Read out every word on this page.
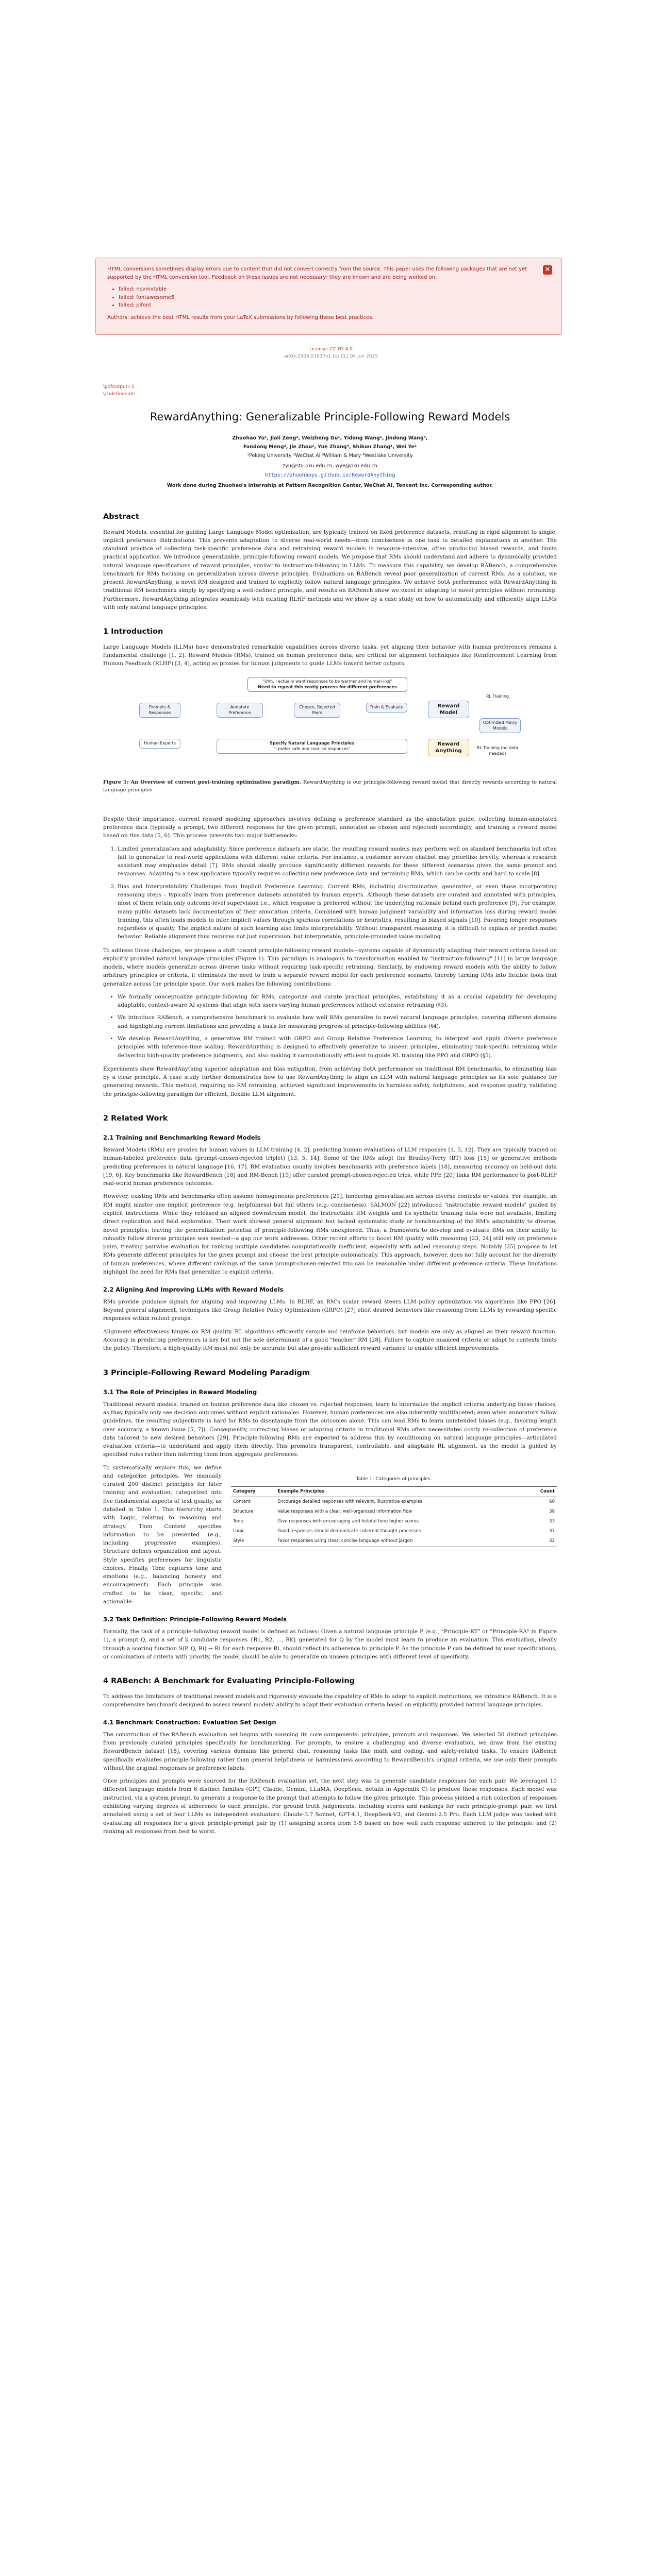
✕

HTML conversions sometimes display errors due to content that did not convert correctly from the source. This paper uses the following packages that are not yet supported by the HTML conversion tool. Feedback on these issues are not necessary; they are known and are being worked on.

• failed: ncvmxtable
• failed: fontawesome5
• failed: pifont

Authors: achieve the best HTML results from your LaTeX submissions by following these best practices.

License: CC BY 4.0
arXiv:2506.03637v1 [cs.CL] 04 Jun 2025
\pdfoutput=1
\cbdefineeabl
RewardAnything: Generalizable Principle-Following Reward Models
Zhuohao Yu¹, Jiali Zeng², Weizheng Gu¹, Yidong Wang¹, Jindong Wang³,
Fandong Meng², Jie Zhou², Yue Zhang⁴, Shikun Zhang¹, Wei Ye¹
¹Peking University ²WeChat AI ³William & Mary ⁴Westlake University
zyu@stu.pku.edu.cn, wye@pku.edu.cn
https://zhuohaoyu.github.io/RewardAnything
Work done during Zhuohao's internship at Pattern Recognition Center, WeChat AI, Tencent Inc. Corresponding author.
Abstract

Reward Models, essential for guiding Large Language Model optimization, are typically trained on fixed preference datasets, resulting in rigid alignment to single, implicit preference distributions. This prevents adaptation to diverse real-world needs—from conciseness in one task to detailed explanations in another. The standard practice of collecting task-specific preference data and retraining reward models is resource-intensive, often producing biased rewards, and limits practical application. We introduce generalizable, principle-following reward models. We propose that RMs should understand and adhere to dynamically provided natural language specifications of reward principles, similar to instruction-following in LLMs. To measure this capability, we develop RABench, a comprehensive benchmark for RMs focusing on generalization across diverse principles. Evaluations on RABench reveal poor generalization of current RMs. As a solution, we present RewardAnything, a novel RM designed and trained to explicitly follow natural language principles. We achieve SotA performance with RewardAnything in traditional RM benchmark simply by specifying a well-defined principle, and results on RABench show we excel in adapting to novel principles without retraining. Furthermore, RewardAnything integrates seamlessly with existing RLHF methods and we show by a case study on how to automatically and efficiently align LLMs with only natural language principles.

1 Introduction

Large Language Models (LLMs) have demonstrated remarkable capabilities across diverse tasks, yet aligning their behavior with human preferences remains a fundamental challenge [1, 2]. Reward Models (RMs), trained on human preference data, are critical for alignment techniques like Reinforcement Learning from Human Feedback (RLHF) [3, 4], acting as proxies for human judgments to guide LLMs toward better outputs.

"Uhh, I actually want responses to be warmer and human-like"
Need to repeat this costly process for different preferences
Prompts & Responses
Annotate Preference
Chosen, Rejected Pairs
Train & Evaluate	Reward Model
RL Training
Optimized Policy Models
Human Experts	Specify Natural Language Principles
"I prefer safe and concise responses"
Reward Anything
RL Training (no data needed)

Figure 1: An Overview of current post-training optimization paradigm. RewardAnything is our principle-following reward model that directly rewards according to natural language principles.

Despite their importance, current reward modeling approaches involves defining a preference standard as the annotation guide, collecting human-annotated preference data (typically a prompt, two different responses for the given prompt, annotated as chosen and rejected) accordingly, and training a reward model based on this data [5, 6]. This process presents two major bottlenecks:

1. Limited generalization and adaptability. Since preference datasets are static, the resulting reward models may perform well on standard benchmarks but often fail to generalize to real-world applications with different value criteria. For instance, a customer service chatbot may prioritize brevity, whereas a research assistant may emphasize detail [7]. RMs should ideally produce significantly different rewards for these different scenarios given the same prompt and responses. Adapting to a new application typically requires collecting new preference data and retraining RMs, which can be costly and hard to scale [8].
2. Bias and Interpretability Challenges from Implicit Preference Learning. Current RMs, including discriminative, generative, or even those incorporating reasoning steps – typically learn from preference datasets annotated by human experts. Although these datasets are curated and annotated with principles, most of them retain only outcome-level supervision i.e., which response is preferred without the underlying rationale behind each preference [9]. For example, many public datasets lack documentation of their annotation criteria. Combined with human judgment variability and information loss during reward model training, this often leads models to infer implicit values through spurious correlations or heuristics, resulting in biased signals [10]. Favoring longer responses regardless of quality. The implicit nature of such learning also limits interpretability. Without transparent reasoning, it is difficult to explain or predict model behavior. Reliable alignment thus requires not just supervision, but interpretable, principle-grounded value modeling.

To address these challenges, we propose a shift toward principle-following reward models—systems capable of dynamically adapting their reward criteria based on explicitly provided natural language principles (Figure 1). This paradigm is analogous to transformation enabled by "instruction-following" [11] in large language models, where models generalize across diverse tasks without requiring task-specific retraining. Similarly, by endowing reward models with the ability to follow arbitrary principles or criteria, it eliminates the need to train a separate reward model for each preference scenario, thereby turning RMs into flexible tools that generalize across the principle space. Our work makes the following contributions:

• We formally conceptualize principle-following for RMs, categorize and curate practical principles, establishing it as a crucial capability for developing adaptable, context-aware AI systems that align with users varying human preferences without extensive retraining (§3).
• We introduce RABench, a comprehensive benchmark to evaluate how well RMs generalize to novel natural language principles, covering different domains and highlighting current limitations and providing a basis for measuring progress of principle-following abilities (§4).
• We develop RewardAnything, a generative RM trained with GRPO and Group Relative Preference Learning, to interpret and apply diverse preference principles with inference-time scaling. RewardAnything is designed to effectively generalize to unseen principles, eliminating task-specific retraining while delivering high-quality preference judgments, and also making it computationally efficient to guide RL training like PPO and GRPO (§5).

Experiments show RewardAnything superior adaptation and bias mitigation, from achieving SotA performance on traditional RM benchmarks, to eliminating bias by a clear principle. A case study further demonstrates how to use RewardAnything to align an LLM with natural language principles as its sole guidance for generating rewards. This method, requiring no RM retraining, achieved significant improvements in harmless safety, helpfulness, and response quality, validating the principle-following paradigm for efficient, flexible LLM alignment.

2 Related Work
2.1 Training and Benchmarking Reward Models

Reward Models (RMs) are proxies for human values in LLM training [4, 2], predicting human evaluations of LLM responses [1, 5, 12]. They are typically trained on human-labeled preference data (prompt-chosen-rejected triplet) [13, 5, 14]. Some of the RMs adopt the Bradley-Terry (BT) loss [15] or generative methods predicting preferences in natural language [16, 17]. RM evaluation usually involves benchmarks with preference labels [18], measuring accuracy on held-out data [19, 6]. Key benchmarks like RewardBench [18] and RM-Bench [19] offer curated prompt-chosen-rejected trios, while PPE [20] links RM performance to post-RLHF real-world human preference outcomes.

However, existing RMs and benchmarks often assume homogeneous preferences [21], hindering generalization across diverse contexts or values. For example, an RM might master one implicit preference (e.g. helpfulness) but fail others (e.g. conciseness). SALMON [22] introduced "instructable reward models" guided by explicit instructions. While they released an aligned downstream model, the instructable RM weights and its synthetic training data were not available, limiting direct replication and field exploration. Their work showed general alignment but lacked systematic study or benchmarking of the RM's adaptability to diverse, novel principles, leaving the generalization potential of principle-following RMs unexplored. Thus, a framework to develop and evaluate RMs on their ability to robustly follow diverse principles was needed—a gap our work addresses. Other recent efforts to boost RM quality with reasoning [23, 24] still rely on preference pairs, treating pairwise evaluation for ranking multiple candidates computationally inefficient, especially with added reasoning steps. Notably [25] propose to let RMs generate different principles for the given prompt and choose the best principle automatically. This approach, however, does not fully account for the diversity of human preferences, where different rankings of the same prompt-chosen-rejected trio can be reasonable under different preference criteria. These limitations highlight the need for RMs that generalize to explicit criteria.

2.2 Aligning And Improving LLMs with Reward Models

RMs provide guidance signals for aligning and improving LLMs. In RLHF, an RM's scalar reward steers LLM policy optimization via algorithms like PPO [26]. Beyond general alignment, techniques like Group Relative Policy Optimization (GRPO) [27] elicit desired behaviors like reasoning from LLMs by rewarding specific responses within rollout groups.

Alignment effectiveness hinges on RM quality. RL algorithms efficiently sample and reinforce behaviors, but models are only as aligned as their reward function. Accuracy in predicting preferences is key but not the sole determinant of a good "teacher" RM [28]. Failure to capture nuanced criteria or adapt to contexts limits the policy. Therefore, a high-quality RM must not only be accurate but also provide sufficient reward variance to enable efficient improvements.

3 Principle-Following Reward Modeling Paradigm
3.1 The Role of Principles in Reward Modeling

Traditional reward models, trained on human preference data like chosen vs. rejected responses, learn to internalize the implicit criteria underlying these choices, as they typically only see decision outcomes without explicit rationales. However, human preferences are also inherently multifaceted; even when annotators follow guidelines, the resulting subjectivity is hard for RMs to disentangle from the outcomes alone. This can lead RMs to learn unintended biases (e.g., favoring length over accuracy, a known issue [5, 7]). Consequently, correcting biases or adapting criteria in traditional RMs often necessitates costly re-collection of preference data tailored to new desired behaviors [29]. Principle-following RMs are expected to address this by conditioning on natural language principles—articulated evaluation criteria—to understand and apply them directly. This promotes transparent, controllable, and adaptable RL alignment, as the model is guided by specified rules rather than inferring them from aggregate preferences.

To systematically explore this, we define and categorize principles. We manually curated 200 distinct principles for later training and evaluation, categorized into five fundamental aspects of text quality, as detailed in Table 1. This hierarchy starts with Logic, relating to reasoning and strategy. Then Content specifies information to be presented (e.g., including progressive examples). Structure defines organization and layout. Style specifies preferences for linguistic choices. Finally, Tone captures tone and emotions (e.g., balancing honesty and encouragement). Each principle was crafted to be clear, specific, and actionable.

Table 1: Categories of principles.
Category	Example Principles	Count
Content	Encourage detailed responses with relevant, illustrative examples	60
Structure	Value responses with a clear, well-organized information flow	38
Tone	Give responses with encouraging and helpful tone higher scores	33
Logic	Good responses should demonstrate coherent thought processes	37
Style	Favor responses using clear, concise language without jargon	32
3.2 Task Definition: Principle-Following Reward Models

Formally, the task of a principle-following reward model is defined as follows: Given a natural language principle P (e.g., "Principle-RT" or "Principle-RA" in Figure 1), a prompt Q, and a set of k candidate responses {R1, R2, ..., Rk} generated for Q by the model must learn to produce an evaluation. This evaluation, ideally through a scoring function S(P, Q, Ri) → Ri for each response Ri, should reflect its adherence to principle P. As the principle P can be defined by user specifications, or combination of criteria with priority, the model should be able to generalize on unseen principles with different level of specificity.

4 RABench: A Benchmark for Evaluating Principle-Following

To address the limitations of traditional reward models and rigorously evaluate the capability of RMs to adapt to explicit instructions, we introduce RABench. It is a comprehensive benchmark designed to assess reward models' ability to adapt their evaluation criteria based on explicitly provided natural language principles.

4.1 Benchmark Construction: Evaluation Set Design

The construction of the RABench evaluation set begins with sourcing its core components: principles, prompts and responses. We selected 50 distinct principles from previously curated principles specifically for benchmarking. For prompts, to ensure a challenging and diverse evaluation, we draw from the existing RewardBench dataset [18], covering various domains like general chat, reasoning tasks like math and coding, and safety-related tasks. To ensure RABench specifically evaluates principle-following rather than general helpfulness or harmlessness according to RewardBench's original criteria, we use only their prompts without the original responses or preference labels.

Once principles and prompts were sourced for the RABench evaluation set, the next step was to generate candidate responses for each pair. We leveraged 10 different language models from 6 distinct families (GPT, Claude, Gemini, LLaMA, DeepSeek, details in Appendix C) to produce these responses. Each model was instructed, via a system prompt, to generate a response to the prompt that attempts to follow the given principle. This process yielded a rich collection of responses exhibiting varying degrees of adherence to each principle. For ground truth judgements, including scores and rankings for each principle-prompt pair, we first annotated using a set of four LLMs as independent evaluators: Claude-3.7 Sonnet, GPT-4.1, DeepSeek-V3, and Gemini-2.5 Pro. Each LLM judge was tasked with evaluating all responses for a given principle-prompt pair by (1) assigning scores from 1-5 based on how well each response adhered to the principle, and (2) ranking all responses from best to worst.
